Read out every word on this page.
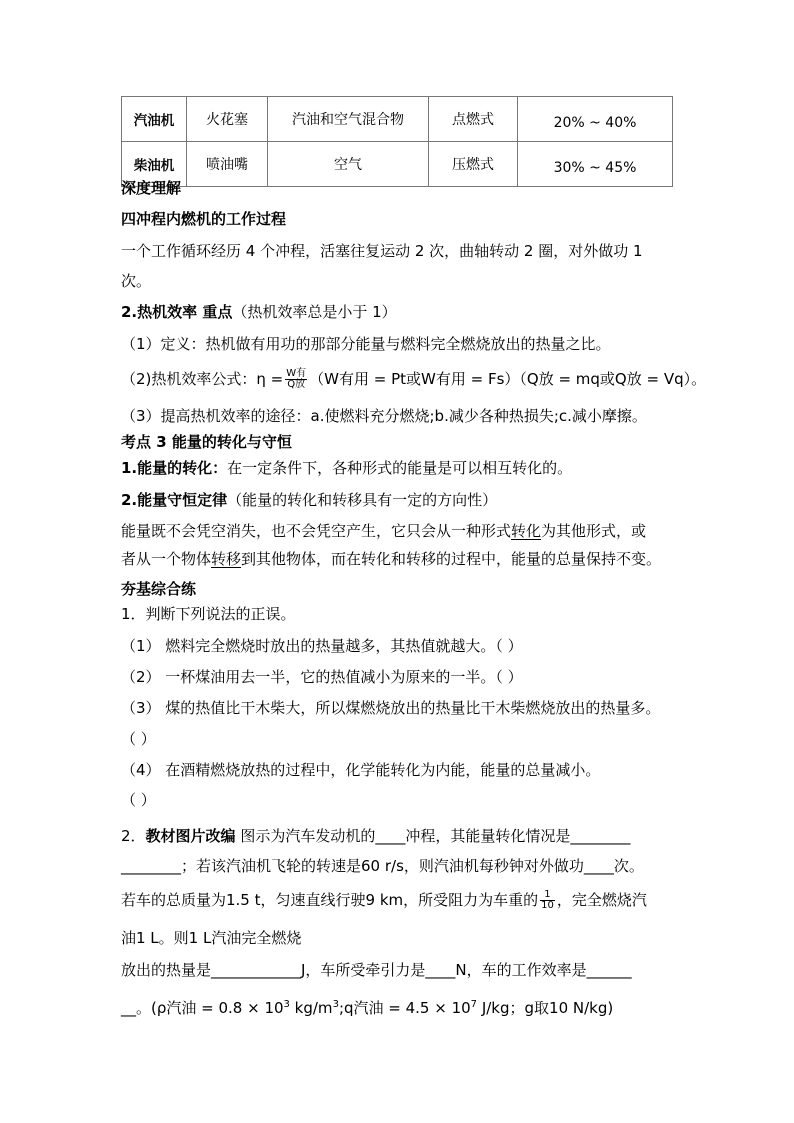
汽油机	火花塞	汽油和空气混合物	点燃式	20% ~ 40%
柴油机	喷油嘴	空气	压燃式	30% ~ 45%
深度理解
四冲程内燃机的工作过程
一个工作循环经历 4 个冲程，活塞往复运动 2 次，曲轴转动 2 圈，对外做功 1
次。
2.热机效率 重点（热机效率总是小于 1）
（1）定义：热机做有用功的那部分能量与燃料完全燃烧放出的热量之比。
（2)热机效率公式：$\eta = \frac{\text{W有}}{\text{Q放}} (W$有用 = Pt或W有用 = Fs）（Q放 = mq或Q放 = Vq）。
（3）提高热机效率的途径：a.使燃料充分燃烧;b.减少各种热损失;c.减小摩擦。
考点 3 能量的转化与守恒
1.能量的转化：在一定条件下，各种形式的能量是可以相互转化的。
2.能量守恒定律（能量的转化和转移具有一定的方向性）
能量既不会凭空消失，也不会凭空产生，它只会从一种形式转化为其他形式，或
者从一个物体转移到其他物体，而在转化和转移的过程中，能量的总量保持不变。
夯基综合练
1．判断下列说法的正误。
（1） 燃料完全燃烧时放出的热量越多，其热值就越大。（ ）
（2） 一杯煤油用去一半，它的热值减小为原来的一半。（ ）
（3） 煤的热值比干木柴大，所以煤燃烧放出的热量比干木柴燃烧放出的热量多。
（ ）
（4） 在酒精燃烧放热的过程中，化学能转化为内能，能量的总量减小。
（ ）
2．教材图片改编 图示为汽车发动机的____冲程，其能量转化情况是________
________；若该汽油机飞轮的转速是60 r/s，则汽油机每秒钟对外做功____次。
若车的总质量为1.5 t，匀速直线行驶9 km，所受阻力为车重的 $\frac{1}{10}$ ，完全燃烧汽
油1 L。则1 L汽油完全燃烧
放出的热量是____________J，车所受牵引力是____N，车的工作效率是______
__。(ρ汽油 = $0.8 \times 10^3$ $kg/m^3;q$汽油 = $4.5 \times 10^7$ J/kg；g取10 N/kg)
